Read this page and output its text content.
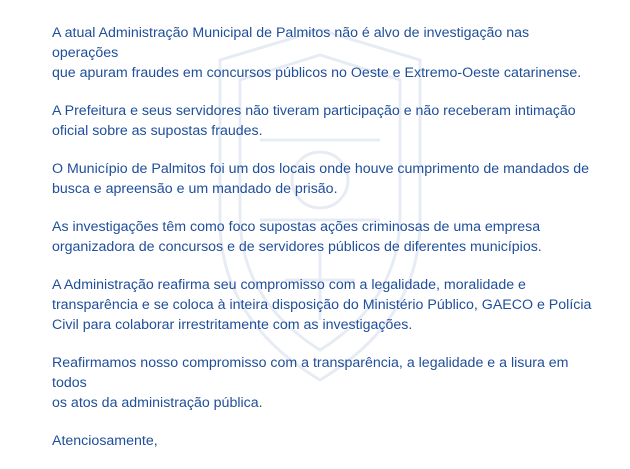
A atual Administração Municipal de Palmitos não é alvo de investigação nas operações
que apuram fraudes em concursos públicos no Oeste e Extremo-Oeste catarinense.

A Prefeitura e seus servidores não tiveram participação e não receberam intimação
oficial sobre as supostas fraudes.

O Município de Palmitos foi um dos locais onde houve cumprimento de mandados de
busca e apreensão e um mandado de prisão.

As investigações têm como foco supostas ações criminosas de uma empresa
organizadora de concursos e de servidores públicos de diferentes municípios.

A Administração reafirma seu compromisso com a legalidade, moralidade e
transparência e se coloca à inteira disposição do Ministério Público, GAECO e Polícia
Civil para colaborar irrestritamente com as investigações.

Reafirmamos nosso compromisso com a transparência, a legalidade e a lisura em todos
os atos da administração pública.

Atenciosamente,
